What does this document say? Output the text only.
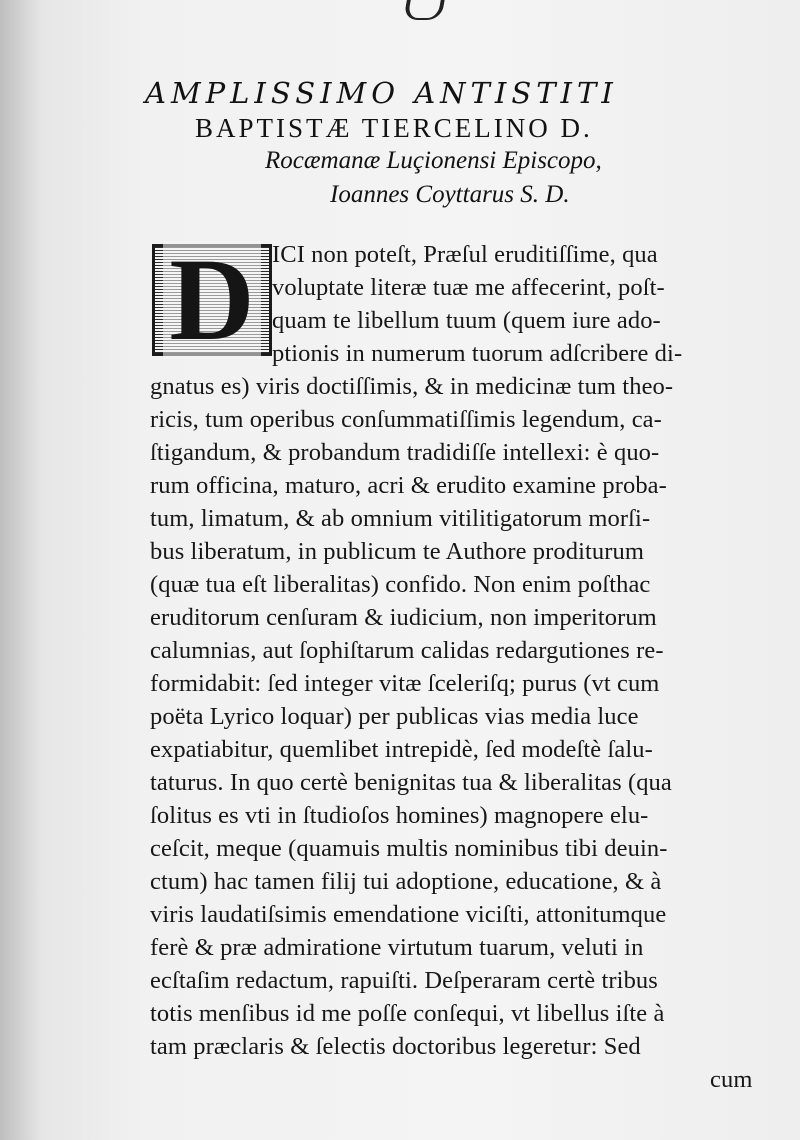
AMPLISSIMO ANTISTITI
BAPTISTÆ TIERCELINO D.
Rocæmanæ Luçionensi Episcopo,
Ioannes Coyttarus S. D.
D ICI non poteſt, Præſul eruditiſſime, qua
voluptate literæ tuæ me affecerint, poſt-
quam te libellum tuum (quem iure ado-
ptionis in numerum tuorum adſcribere di-
gnatus es) viris doctiſſimis, & in medicinæ tum theo-
ricis, tum operibus conſummatiſſimis legendum, ca-
ſtigandum, & probandum tradidiſſe intellexi: è quo-
rum officina, maturo, acri & erudito examine proba-
tum, limatum, & ab omnium vitilitigatorum morſi-
bus liberatum, in publicum te Authore proditurum
(quæ tua eſt liberalitas) confido. Non enim poſthac
eruditorum cenſuram & iudicium, non imperitorum
calumnias, aut ſophiſtarum calidas redargutiones re-
formidabit: ſed integer vitæ ſceleriſq; purus (vt cum
poëta Lyrico loquar) per publicas vias media luce
expatiabitur, quemlibet intrepidè, ſed modeſtè ſalu-
taturus. In quo certè benignitas tua & liberalitas (qua
ſolitus es vti in ſtudioſos homines) magnopere elu-
ceſcit, meque (quamuis multis nominibus tibi deuin-
ctum) hac tamen filij tui adoptione, educatione, & à
viris laudatiſsimis emendatione viciſti, attonitumque
ferè & præ admiratione virtutum tuarum, veluti in
ecſtaſim redactum, rapuiſti. Deſperaram certè tribus
totis menſibus id me poſſe conſequi, vt libellus iſte à
tam præclaris & ſelectis doctoribus legeretur: Sed
cum
